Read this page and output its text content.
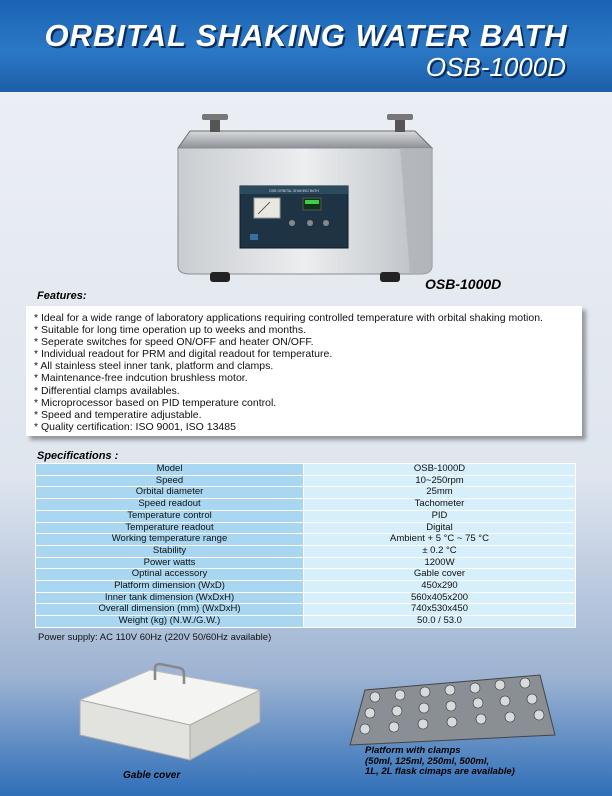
ORBITAL SHAKING WATER BATH
OSB-1000D
OSB ORBITAL SHAKING BATH
OSB-1000D
Features:
* Ideal for a wide range of laboratory applications requiring controlled temperature with orbital shaking motion.
* Suitable for long time operation up to weeks and months.
* Seperate switches for speed ON/OFF and heater ON/OFF.
* Individual readout for PRM and digital readout for temperature.
* All stainless steel inner tank, platform and clamps.
* Maintenance-free indcution brushless motor.
* Differential clamps availables.
* Microprocessor based on PID temperature control.
* Speed and temperatire adjustable.
* Quality certification: ISO 9001, ISO 13485
Specifications :
Model	OSB-1000D
Speed	10~250rpm
Orbital diameter	25mm
Speed readout	Tachometer
Temperature control	PID
Temperature readout	Digital
Working temperature range	Ambient + 5 °C ~ 75 °C
Stability	± 0.2 °C
Power watts	1200W
Optinal accessory	Gable cover
Platform dimension (WxD)	450x290
Inner tank dimension (WxDxH)	560x405x200
Overall dimension (mm) (WxDxH)	740x530x450
Weight (kg) (N.W./G.W.)	50.0 / 53.0
Power supply: AC 110V 60Hz (220V 50/60Hz available)
Gable cover
Platform with clamps
(50ml, 125ml, 250ml, 500ml,
1L, 2L flask cimaps are available)
